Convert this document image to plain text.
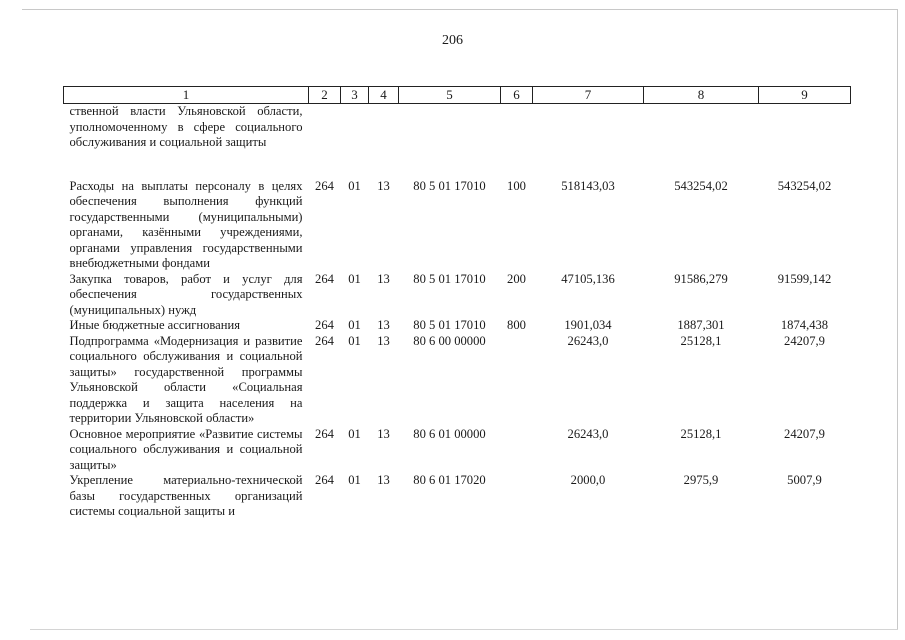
206
1	2	3	4	5	6	7	8	9
ственной власти Ульяновской области, уполномоченному в сфере социального обслуживания и социальной защиты								
Расходы на выплаты персоналу в целях обеспечения выполнения функций государственными (муниципальными) органами, казёнными учреждениями, органами управления государственными внебюджетными фондами	264	01	13	80 5 01 17010	100	518143,03	543254,02	543254,02
Закупка товаров, работ и услуг для обеспечения государственных (муниципальных) нужд	264	01	13	80 5 01 17010	200	47105,136	91586,279	91599,142
Иные бюджетные ассигнования	264	01	13	80 5 01 17010	800	1901,034	1887,301	1874,438
Подпрограмма «Модернизация и развитие социального обслуживания и социальной защиты» государственной программы Ульяновской области «Социальная поддержка и защита населения на территории Ульяновской области»	264	01	13	80 6 00 00000		26243,0	25128,1	24207,9
Основное мероприятие «Развитие системы социального обслуживания и социальной защиты»	264	01	13	80 6 01 00000		26243,0	25128,1	24207,9
Укрепление материально-технической базы государственных организаций системы социальной защиты и	264	01	13	80 6 01 17020		2000,0	2975,9	5007,9
